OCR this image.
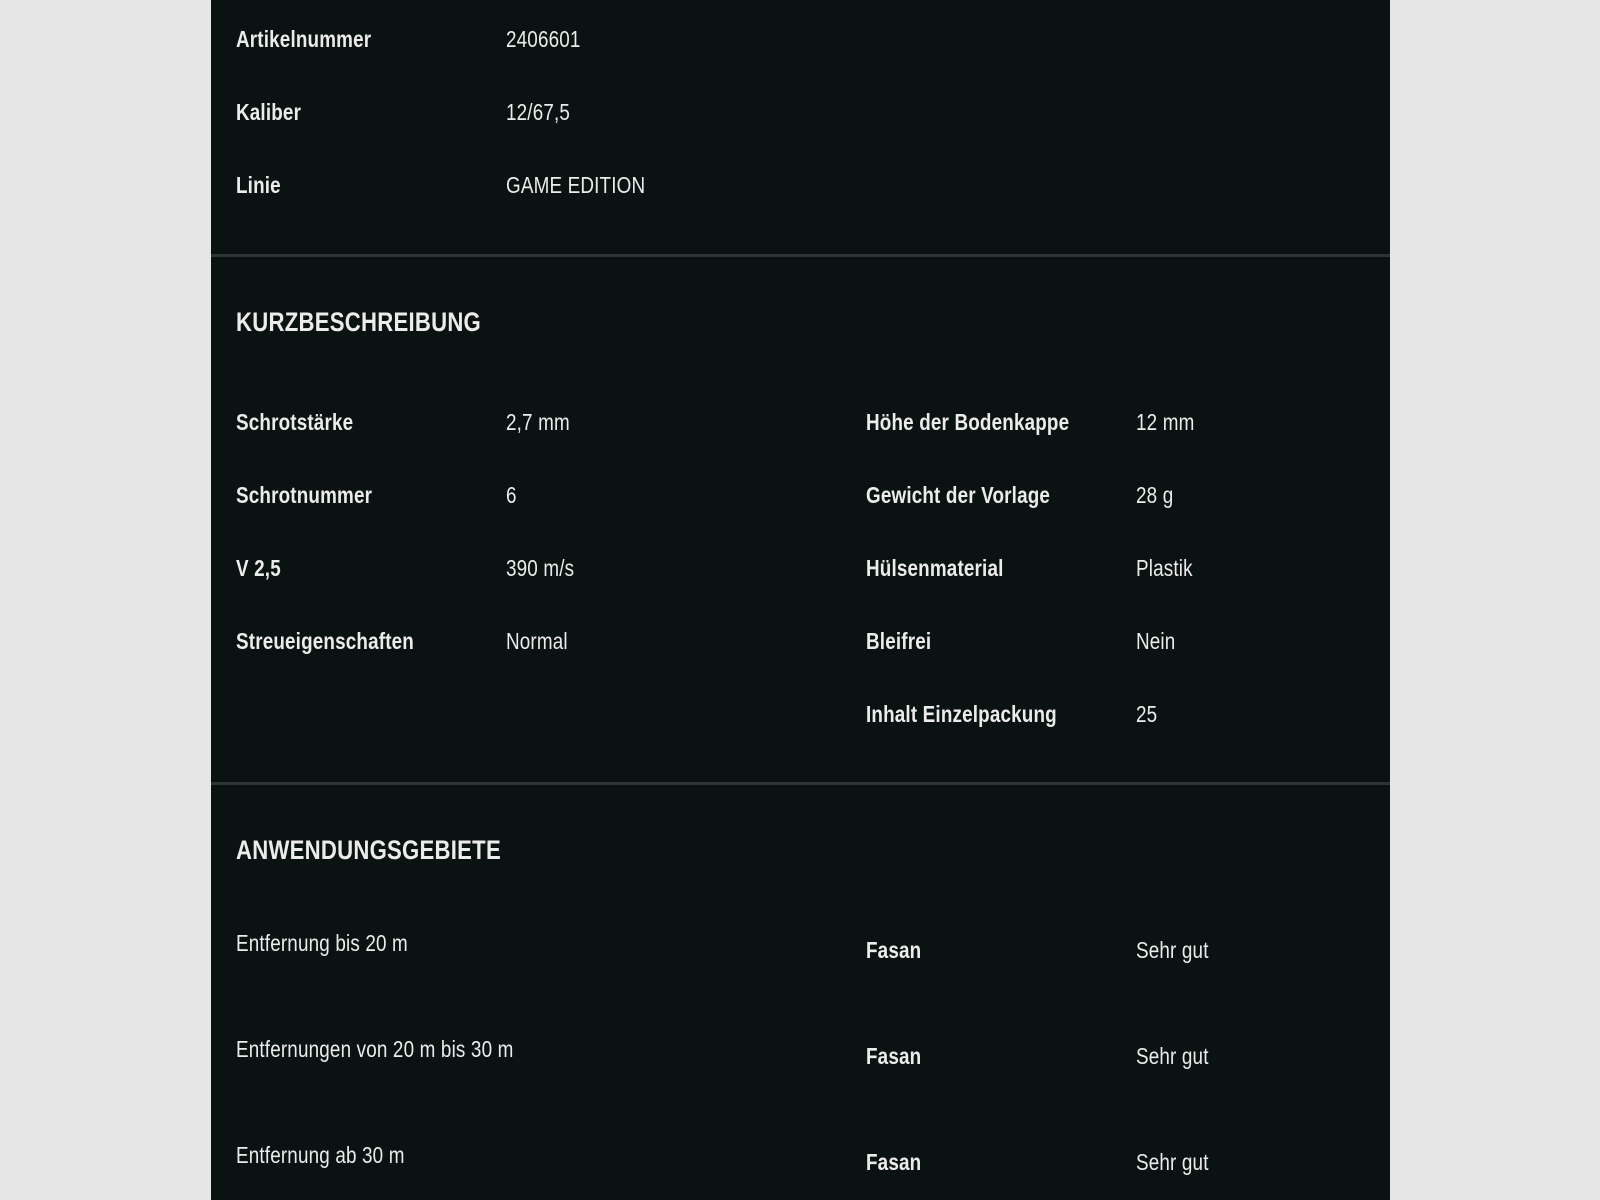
Artikelnummer	2406601
Kaliber	12/67,5
Linie	GAME EDITION
KURZBESCHREIBUNG
Schrotstärke	2,7 mm	Höhe der Bodenkappe	12 mm
Schrotnummer	6	Gewicht der Vorlage	28 g
V 2,5	390 m/s	Hülsenmaterial	Plastik
Streueigenschaften	Normal	Bleifrei	Nein
Inhalt Einzelpackung	25
ANWENDUNGSGEBIETE
Entfernung bis 20 m	Fasan	Sehr gut
Entfernungen von 20 m bis 30 m	Fasan	Sehr gut
Entfernung ab 30 m	Fasan	Sehr gut
